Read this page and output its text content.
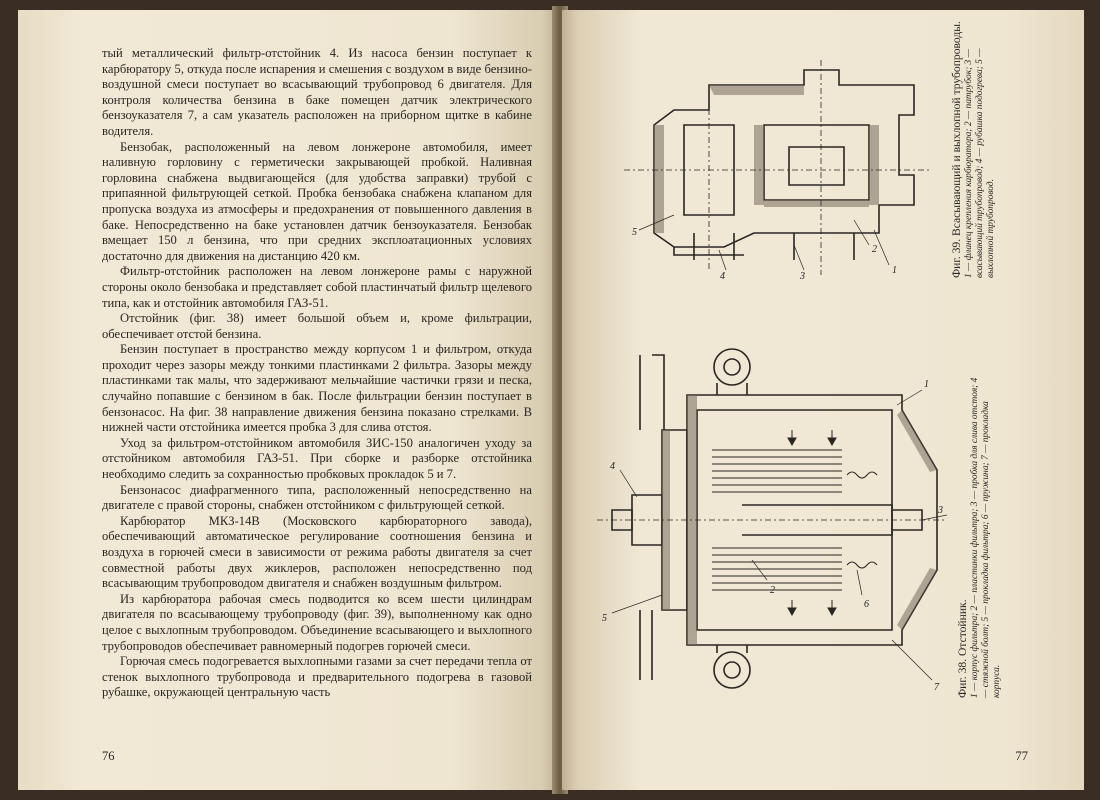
тый металлический фильтр-отстойник 4. Из насоса бензин поступает к карбюратору 5, откуда после испарения и смешения с воздухом в виде бензино-воздушной смеси поступает во всасывающий трубопровод 6 двигателя. Для контроля количества бензина в баке помещен датчик электрического бензоуказателя 7, а сам указатель расположен на приборном щитке в кабине водителя.

Бензобак, расположенный на левом лонжероне автомобиля, имеет наливную горловину с герметически закрывающей пробкой. Наливная горловина снабжена выдвигающейся (для удобства заправки) трубой с припаянной фильтрующей сеткой. Пробка бензобака снабжена клапаном для пропуска воздуха из атмосферы и предохранения от повышенного давления в баке. Непосредственно на баке установлен датчик бензоуказателя. Бензобак вмещает 150 л бензина, что при средних эксплоатационных условиях достаточно для движения на дистанцию 420 км.

Фильтр-отстойник расположен на левом лонжероне рамы с наружной стороны около бензобака и представляет собой пластинчатый фильтр щелевого типа, как и отстойник автомобиля ГАЗ-51.

Отстойник (фиг. 38) имеет большой объем и, кроме фильтрации, обеспечивает отстой бензина.

Бензин поступает в пространство между корпусом 1 и фильтром, откуда проходит через зазоры между тонкими пластинками 2 фильтра. Зазоры между пластинками так малы, что задерживают мельчайшие частички грязи и песка, случайно попавшие с бензином в бак. После фильтрации бензин поступает в бензонасос. На фиг. 38 направление движения бензина показано стрелками. В нижней части отстойника имеется пробка 3 для слива отстоя.

Уход за фильтром-отстойником автомобиля ЗИС-150 аналогичен уходу за отстойником автомобиля ГАЗ-51. При сборке и разборке отстойника необходимо следить за сохранностью пробковых прокладок 5 и 7.

Бензонасос диафрагменного типа, расположенный непосредственно на двигателе с правой стороны, снабжен отстойником с фильтрующей сеткой.

Карбюратор МКЗ-14В (Московского карбюраторного завода), обеспечивающий автоматическое регулирование соотношения бензина и воздуха в горючей смеси в зависимости от режима работы двигателя за счет совместной работы двух жиклеров, расположен непосредственно под всасывающим трубопроводом двигателя и снабжен воздушным фильтром.

Из карбюратора рабочая смесь подводится ко всем шести цилиндрам двигателя по всасывающему трубопроводу (фиг. 39), выполненному как одно целое с выхлопным трубопроводом. Объединение всасывающего и выхлопного трубопроводов обеспечивает равномерный подогрев горючей смеси.

Горючая смесь подогревается выхлопными газами за счет передачи тепла от стенок выхлопного трубопровода и предварительного подогрева в газовой рубашке, окружающей центральную часть

76
5
2
1
3
4	Фиг. 39. Всасывающий и выхлопной трубопроводы. 1 — фланец крепления карбюратора; 2 — патрубок; 3 — всасывающий трубопровод; 4 — рубашка подогрева; 5 — выхлопной трубопровод.
4
1
7
5
2
6
3
Фиг. 38. Отстойник. 1 — корпус фильтра; 2 — пластинки фильтра; 3 — пробка для слива отстоя; 4 — стяжной болт; 5 — прокладка фильтра; 6 — пружина; 7 — прокладка корпуса.
77
